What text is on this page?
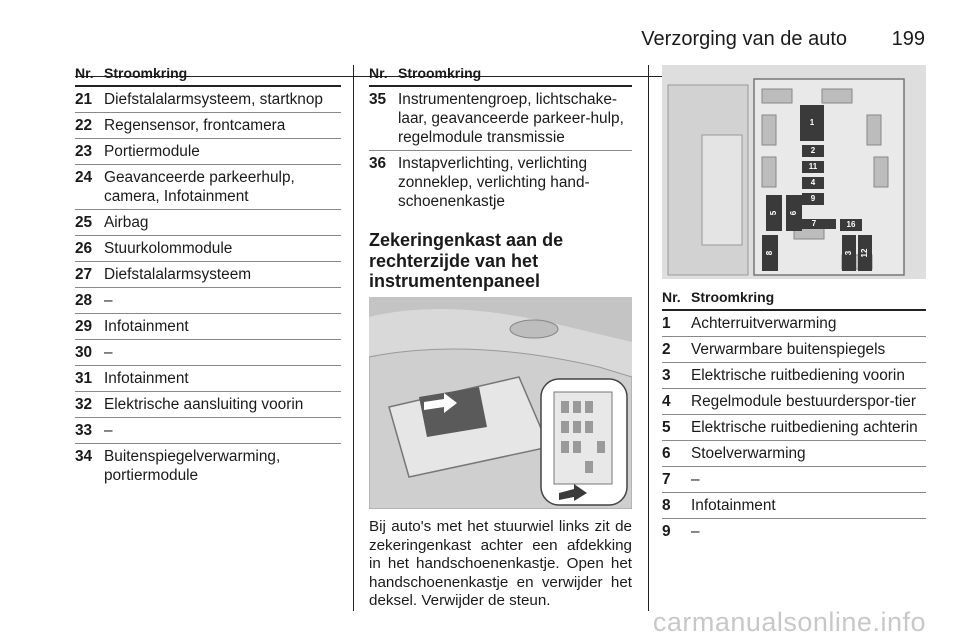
Verzorging van de auto 199
Nr. Stroomkring
21 Diefstalalarmsysteem, startknop
22 Regensensor, frontcamera
23 Portiermodule
24 Geavanceerde parkeerhulp, camera, Infotainment
25 Airbag
26 Stuurkolommodule
27 Diefstalalarmsysteem
28 –
29 Infotainment
30 –
31 Infotainment
32 Elektrische aansluiting voorin
33 –
34 Buitenspiegelverwarming, portiermodule
Nr. Stroomkring
35 Instrumentengroep, lichtschake-laar, geavanceerde parkeer-hulp, regelmodule transmissie
36 Instapverlichting, verlichting zonneklep, verlichting hand-schoenenkastje
Zekeringenkast aan de rechterzijde van het instrumentenpaneel
Bij auto's met het stuurwiel links zit de zekeringenkast achter een afdekking in het handschoenenkastje. Open het handschoenenkastje en verwijder het deksel. Verwijder de steun.
1
2
11
4
9
5 6
7	16
8	3 12
Nr. Stroomkring
1	Achterruitverwarming
2	Verwarmbare buitenspiegels
3	Elektrische ruitbediening voorin
4	Regelmodule bestuurderspor-tier
5	Elektrische ruitbediening achterin
6	Stoelverwarming
7	–
8	Infotainment
9	–
carmanualsonline.info
